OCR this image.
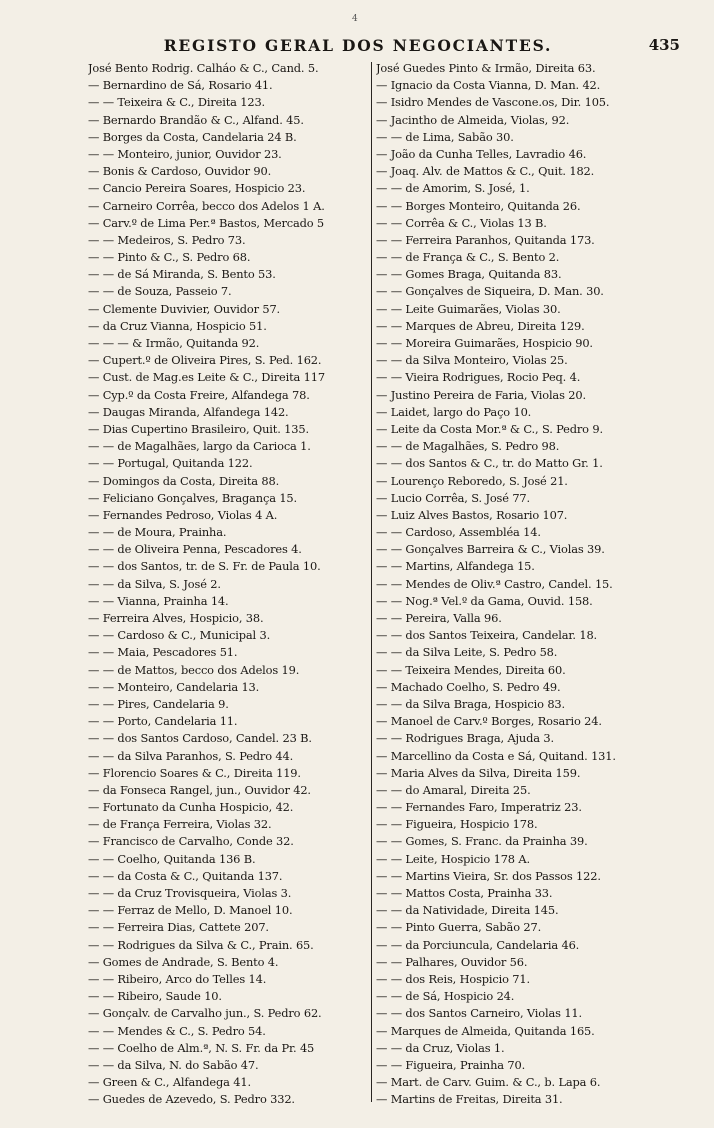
4
REGISTO GERAL DOS NEGOCIANTES.	435
José Bento Rodrig. Calháo & C., Cand. 5.
— Bernardino de Sá, Rosario 41.
— — Teixeira & C., Direita 123.
— Bernardo Brandão & C., Alfand. 45.
— Borges da Costa, Candelaria 24 B.
— — Monteiro, junior, Ouvidor 23.
— Bonis & Cardoso, Ouvidor 90.
— Cancio Pereira Soares, Hospicio 23.
— Carneiro Corrêa, becco dos Adelos 1 A.
— Carv.º de Lima Per.ª Bastos, Mercado 5
— — Medeiros, S. Pedro 73.
— — Pinto & C., S. Pedro 68.
— — de Sá Miranda, S. Bento 53.
— — de Souza, Passeio 7.
— Clemente Duvivier, Ouvidor 57.
— da Cruz Vianna, Hospicio 51.
— — — & Irmão, Quitanda 92.
— Cupert.º de Oliveira Pires, S. Ped. 162.
— Cust. de Mag.es Leite & C., Direita 117
— Cyp.º da Costa Freire, Alfandega 78.
— Daugas Miranda, Alfandega 142.
— Dias Cupertino Brasileiro, Quit. 135.
— — de Magalhães, largo da Carioca 1.
— — Portugal, Quitanda 122.
— Domingos da Costa, Direita 88.
— Feliciano Gonçalves, Bragança 15.
— Fernandes Pedroso, Violas 4 A.
— — de Moura, Prainha.
— — de Oliveira Penna, Pescadores 4.
— — dos Santos, tr. de S. Fr. de Paula 10.
— — da Silva, S. José 2.
— — Vianna, Prainha 14.
— Ferreira Alves, Hospicio, 38.
— — Cardoso & C., Municipal 3.
— — Maia, Pescadores 51.
— — de Mattos, becco dos Adelos 19.
— — Monteiro, Candelaria 13.
— — Pires, Candelaria 9.
— — Porto, Candelaria 11.
— — dos Santos Cardoso, Candel. 23 B.
— — da Silva Paranhos, S. Pedro 44.
— Florencio Soares & C., Direita 119.
— da Fonseca Rangel, jun., Ouvidor 42.
— Fortunato da Cunha Hospicio, 42.
— de França Ferreira, Violas 32.
— Francisco de Carvalho, Conde 32.
— — Coelho, Quitanda 136 B.
— — da Costa & C., Quitanda 137.
— — da Cruz Trovisqueira, Violas 3.
— — Ferraz de Mello, D. Manoel 10.
— — Ferreira Dias, Cattete 207.
— — Rodrigues da Silva & C., Prain. 65.
— Gomes de Andrade, S. Bento 4.
— — Ribeiro, Arco do Telles 14.
— — Ribeiro, Saude 10.
— Gonçalv. de Carvalho jun., S. Pedro 62.
— — Mendes & C., S. Pedro 54.
— — Coelho de Alm.ª, N. S. Fr. da Pr. 45
— — da Silva, N. do Sabão 47.
— Green & C., Alfandega 41.
— Guedes de Azevedo, S. Pedro 332.
José Guedes Pinto & Irmão, Direita 63.
— Ignacio da Costa Vianna, D. Man. 42.
— Isidro Mendes de Vascone.os, Dir. 105.
— Jacintho de Almeida, Violas, 92.
— — de Lima, Sabão 30.
— João da Cunha Telles, Lavradio 46.
— Joaq. Alv. de Mattos & C., Quit. 182.
— — de Amorim, S. José, 1.
— — Borges Monteiro, Quitanda 26.
— — Corrêa & C., Violas 13 B.
— — Ferreira Paranhos, Quitanda 173.
— — de França & C., S. Bento 2.
— — Gomes Braga, Quitanda 83.
— — Gonçalves de Siqueira, D. Man. 30.
— — Leite Guimarães, Violas 30.
— — Marques de Abreu, Direita 129.
— — Moreira Guimarães, Hospicio 90.
— — da Silva Monteiro, Violas 25.
— — Vieira Rodrigues, Rocio Peq. 4.
— Justino Pereira de Faria, Violas 20.
— Laidet, largo do Paço 10.
— Leite da Costa Mor.ª & C., S. Pedro 9.
— — de Magalhães, S. Pedro 98.
— — dos Santos & C., tr. do Matto Gr. 1.
— Lourenço Reboredo, S. José 21.
— Lucio Corrêa, S. José 77.
— Luiz Alves Bastos, Rosario 107.
— — Cardoso, Assembléa 14.
— — Gonçalves Barreira & C., Violas 39.
— — Martins, Alfandega 15.
— — Mendes de Oliv.ª Castro, Candel. 15.
— — Nog.ª Vel.º da Gama, Ouvid. 158.
— — Pereira, Valla 96.
— — dos Santos Teixeira, Candelar. 18.
— — da Silva Leite, S. Pedro 58.
— — Teixeira Mendes, Direita 60.
— Machado Coelho, S. Pedro 49.
— — da Silva Braga, Hospicio 83.
— Manoel de Carv.º Borges, Rosario 24.
— — Rodrigues Braga, Ajuda 3.
— Marcellino da Costa e Sá, Quitand. 131.
— Maria Alves da Silva, Direita 159.
— — do Amaral, Direita 25.
— — Fernandes Faro, Imperatriz 23.
— — Figueira, Hospicio 178.
— — Gomes, S. Franc. da Prainha 39.
— — Leite, Hospicio 178 A.
— — Martins Vieira, Sr. dos Passos 122.
— — Mattos Costa, Prainha 33.
— — da Natividade, Direita 145.
— — Pinto Guerra, Sabão 27.
— — da Porciuncula, Candelaria 46.
— — Palhares, Ouvidor 56.
— — dos Reis, Hospicio 71.
— — de Sá, Hospicio 24.
— — dos Santos Carneiro, Violas 11.
— Marques de Almeida, Quitanda 165.
— — da Cruz, Violas 1.
— — Figueira, Prainha 70.
— Mart. de Carv. Guim. & C., b. Lapa 6.
— Martins de Freitas, Direita 31.
